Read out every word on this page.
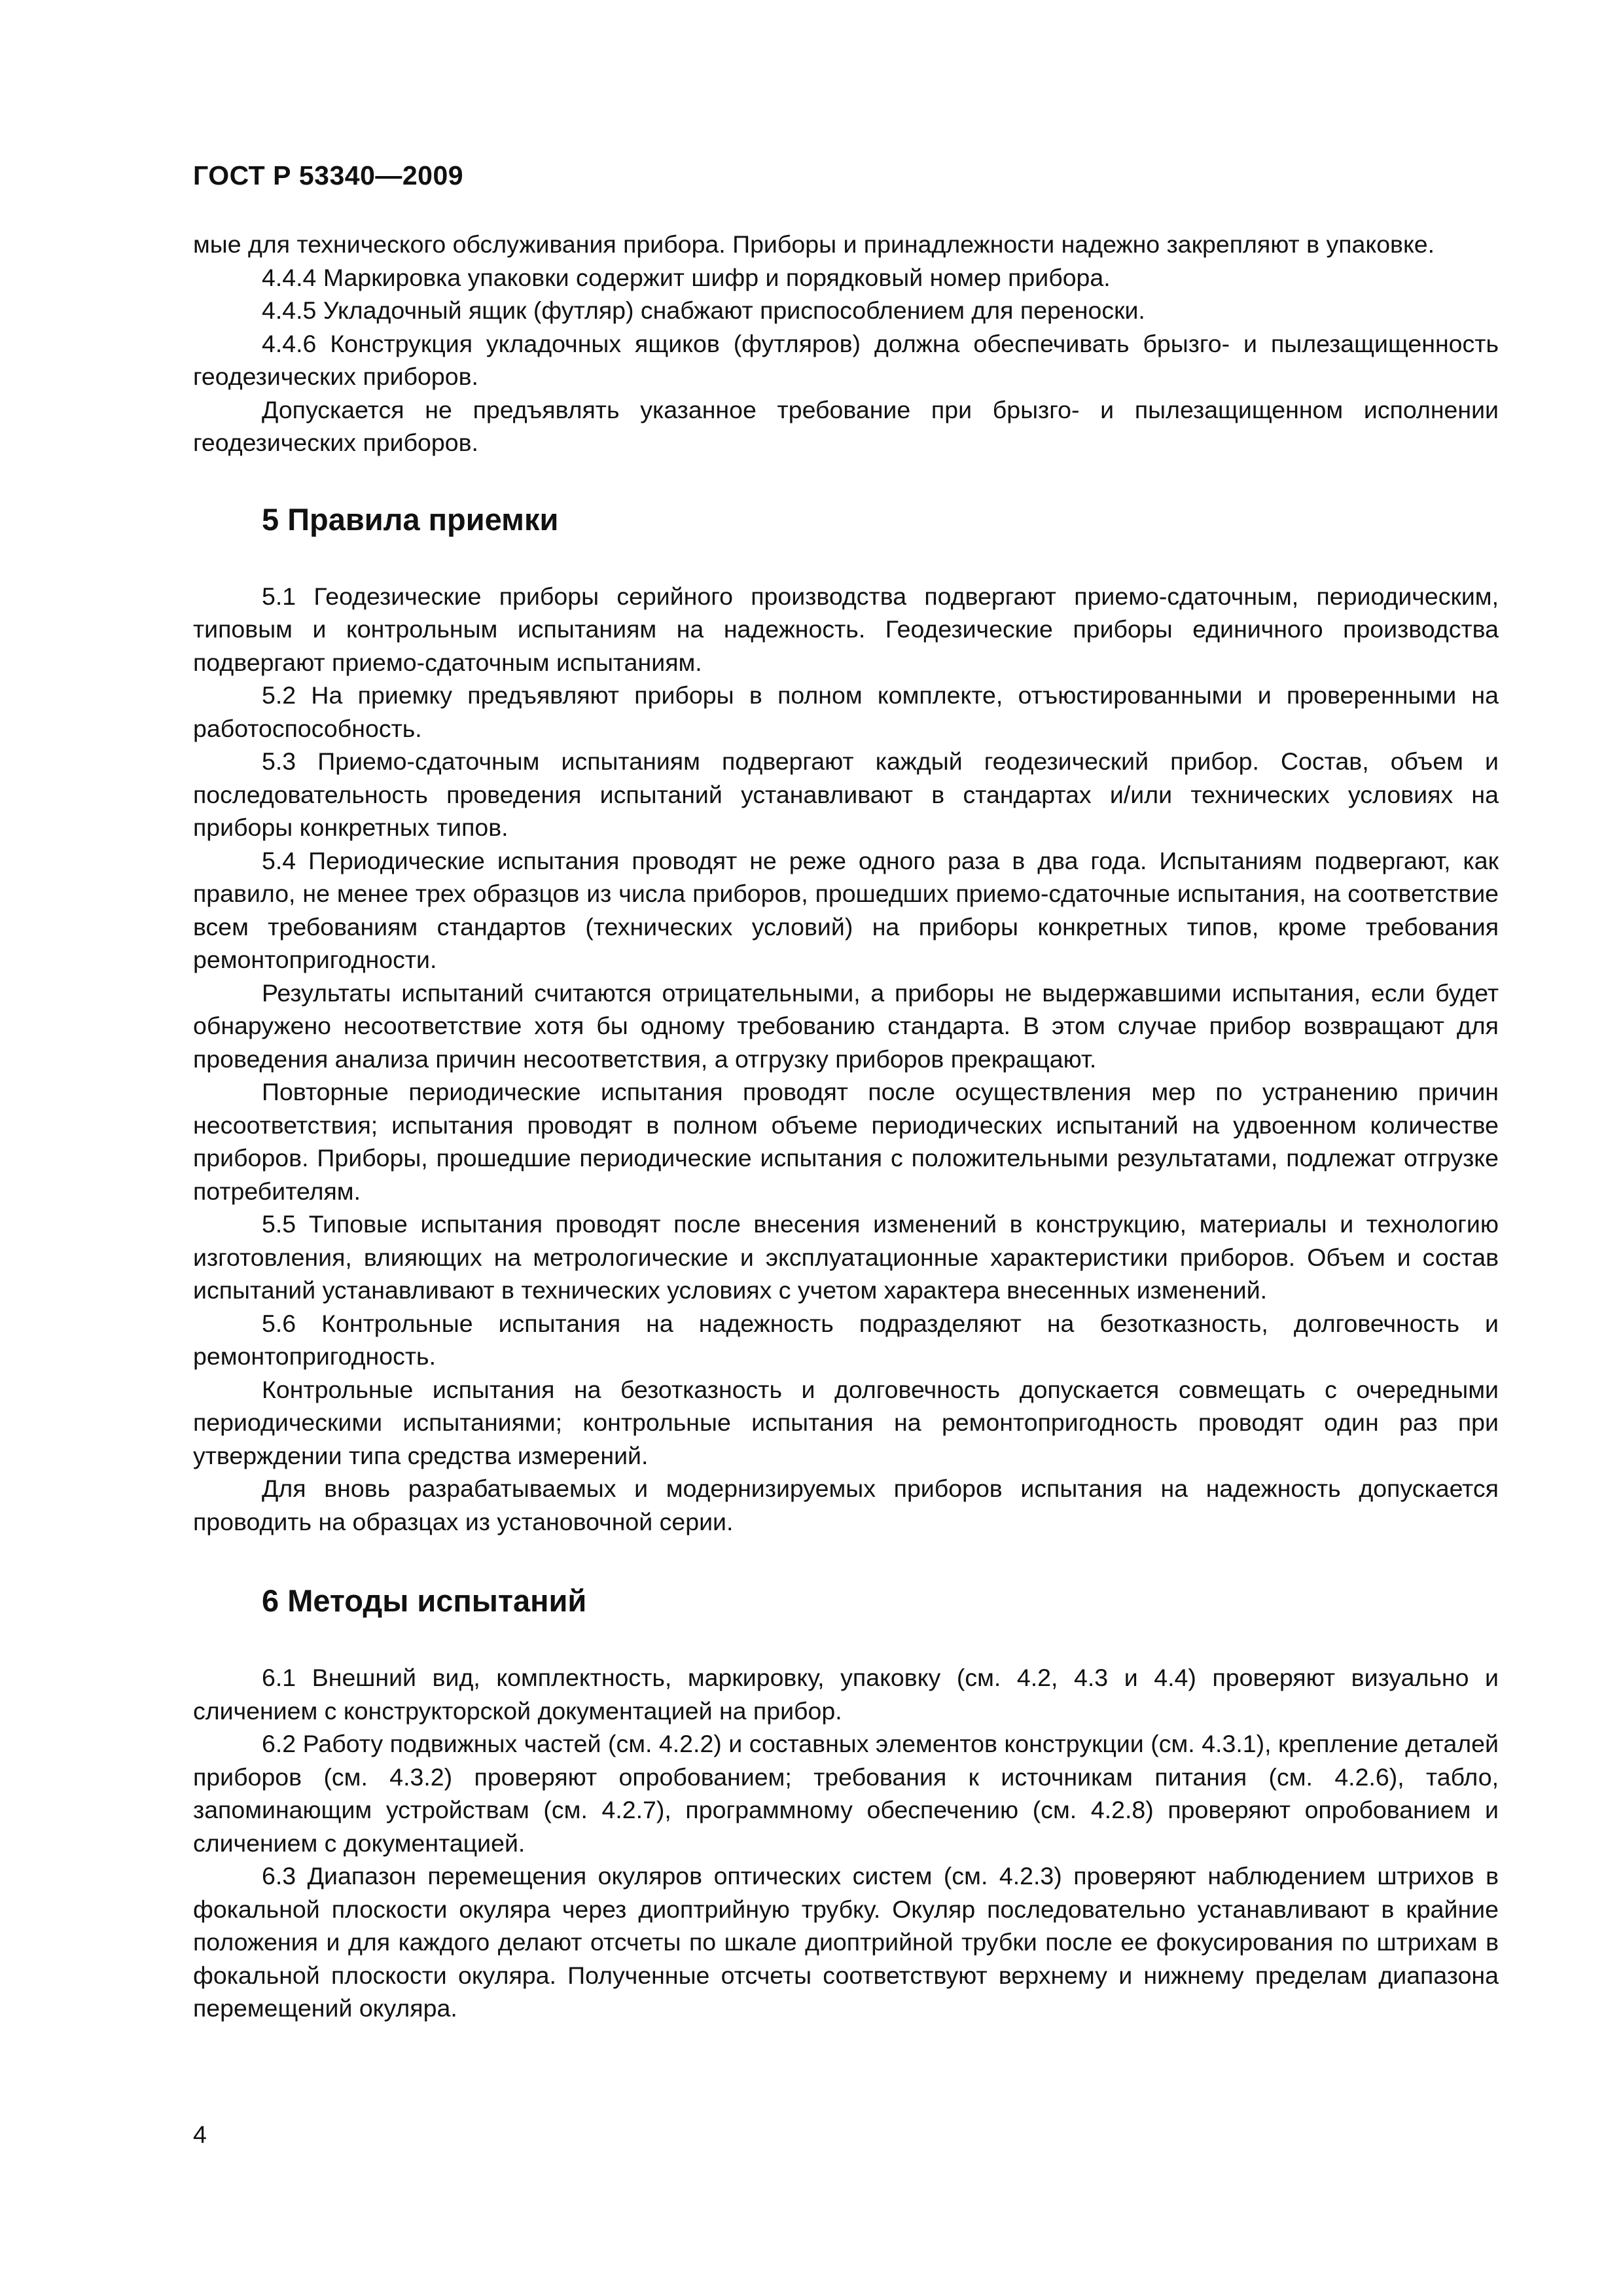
ГОСТ Р 53340—2009

мые для технического обслуживания прибора. Приборы и принадлежности надежно закрепляют в упаковке.

4.4.4 Маркировка упаковки содержит шифр и порядковый номер прибора.

4.4.5 Укладочный ящик (футляр) снабжают приспособлением для переноски.

4.4.6 Конструкция укладочных ящиков (футляров) должна обеспечивать брызго- и пылезащищенность геодезических приборов.

Допускается не предъявлять указанное требование при брызго- и пылезащищенном исполнении геодезических приборов.

5 Правила приемки

5.1 Геодезические приборы серийного производства подвергают приемо-сдаточным, периодическим, типовым и контрольным испытаниям на надежность. Геодезические приборы единичного производства подвергают приемо-сдаточным испытаниям.

5.2 На приемку предъявляют приборы в полном комплекте, отъюстированными и проверенными на работоспособность.

5.3 Приемо-сдаточным испытаниям подвергают каждый геодезический прибор. Состав, объем и последовательность проведения испытаний устанавливают в стандартах и/или технических условиях на приборы конкретных типов.

5.4 Периодические испытания проводят не реже одного раза в два года. Испытаниям подвергают, как правило, не менее трех образцов из числа приборов, прошедших приемо-сдаточные испытания, на соответствие всем требованиям стандартов (технических условий) на приборы конкретных типов, кроме требования ремонтопригодности.

Результаты испытаний считаются отрицательными, а приборы не выдержавшими испытания, если будет обнаружено несоответствие хотя бы одному требованию стандарта. В этом случае прибор возвращают для проведения анализа причин несоответствия, а отгрузку приборов прекращают.

Повторные периодические испытания проводят после осуществления мер по устранению причин несоответствия; испытания проводят в полном объеме периодических испытаний на удвоенном количестве приборов. Приборы, прошедшие периодические испытания с положительными результатами, подлежат отгрузке потребителям.

5.5 Типовые испытания проводят после внесения изменений в конструкцию, материалы и технологию изготовления, влияющих на метрологические и эксплуатационные характеристики приборов. Объем и состав испытаний устанавливают в технических условиях с учетом характера внесенных изменений.

5.6 Контрольные испытания на надежность подразделяют на безотказность, долговечность и ремонтопригодность.

Контрольные испытания на безотказность и долговечность допускается совмещать с очередными периодическими испытаниями; контрольные испытания на ремонтопригодность проводят один раз при утверждении типа средства измерений.

Для вновь разрабатываемых и модернизируемых приборов испытания на надежность допускается проводить на образцах из установочной серии.

6 Методы испытаний

6.1 Внешний вид, комплектность, маркировку, упаковку (см. 4.2, 4.3 и 4.4) проверяют визуально и сличением с конструкторской документацией на прибор.

6.2 Работу подвижных частей (см. 4.2.2) и составных элементов конструкции (см. 4.3.1), крепление деталей приборов (см. 4.3.2) проверяют опробованием; требования к источникам питания (см. 4.2.6), табло, запоминающим устройствам (см. 4.2.7), программному обеспечению (см. 4.2.8) проверяют опробованием и сличением с документацией.

6.3 Диапазон перемещения окуляров оптических систем (см. 4.2.3) проверяют наблюдением штрихов в фокальной плоскости окуляра через диоптрийную трубку. Окуляр последовательно устанавливают в крайние положения и для каждого делают отсчеты по шкале диоптрийной трубки после ее фокусирования по штрихам в фокальной плоскости окуляра. Полученные отсчеты соответствуют верхнему и нижнему пределам диапазона перемещений окуляра.

4
